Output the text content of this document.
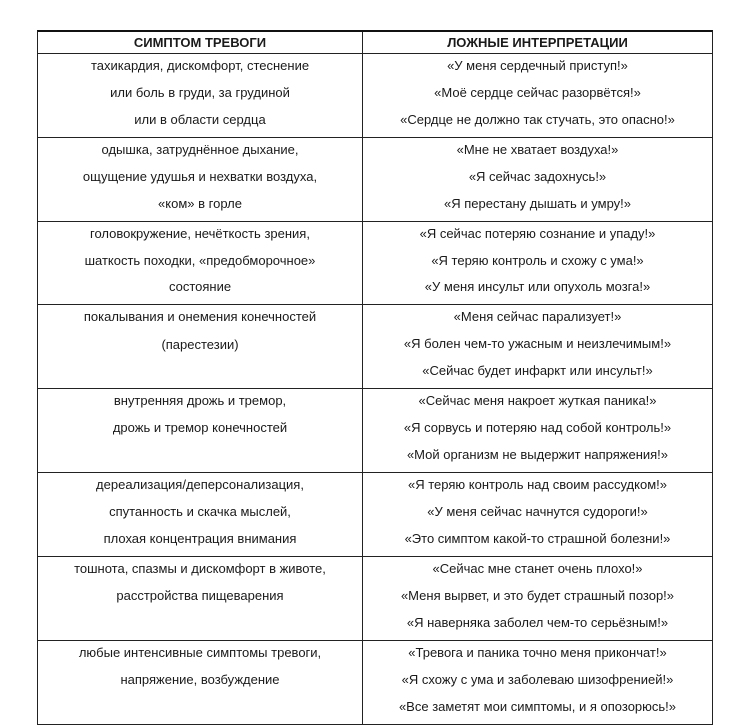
СИМПТОМ ТРЕВОГИ	ЛОЖНЫЕ ИНТЕРПРЕТАЦИИ
тахикардия, дискомфорт, стеснение
или боль в груди, за грудиной
или в области сердца
«У меня сердечный приступ!»
«Моё сердце сейчас разорвётся!»
«Сердце не должно так стучать, это опасно!»
одышка, затруднённое дыхание,
ощущение удушья и нехватки воздуха,
«ком» в горле
«Мне не хватает воздуха!»
«Я сейчас задохнусь!»
«Я перестану дышать и умру!»
головокружение, нечёткость зрения,
шаткость походки, «предобморочное»
состояние
«Я сейчас потеряю сознание и упаду!»
«Я теряю контроль и схожу с ума!»
«У меня инсульт или опухоль мозга!»
покалывания и онемения конечностей
(парестезии)
«Меня сейчас парализует!»
«Я болен чем-то ужасным и неизлечимым!»
«Сейчас будет инфаркт или инсульт!»
внутренняя дрожь и тремор,
дрожь и тремор конечностей
«Сейчас меня накроет жуткая паника!»
«Я сорвусь и потеряю над собой контроль!»
«Мой организм не выдержит напряжения!»
дереализация/деперсонализация,
спутанность и скачка мыслей,
плохая концентрация внимания
«Я теряю контроль над своим рассудком!»
«У меня сейчас начнутся судороги!»
«Это симптом какой-то страшной болезни!»
тошнота, спазмы и дискомфорт в животе,
расстройства пищеварения
«Сейчас мне станет очень плохо!»
«Меня вырвет, и это будет страшный позор!»
«Я наверняка заболел чем-то серьёзным!»
любые интенсивные симптомы тревоги,
напряжение, возбуждение
«Тревога и паника точно меня прикончат!»
«Я схожу с ума и заболеваю шизофренией!»
«Все заметят мои симптомы, и я опозорюсь!»
